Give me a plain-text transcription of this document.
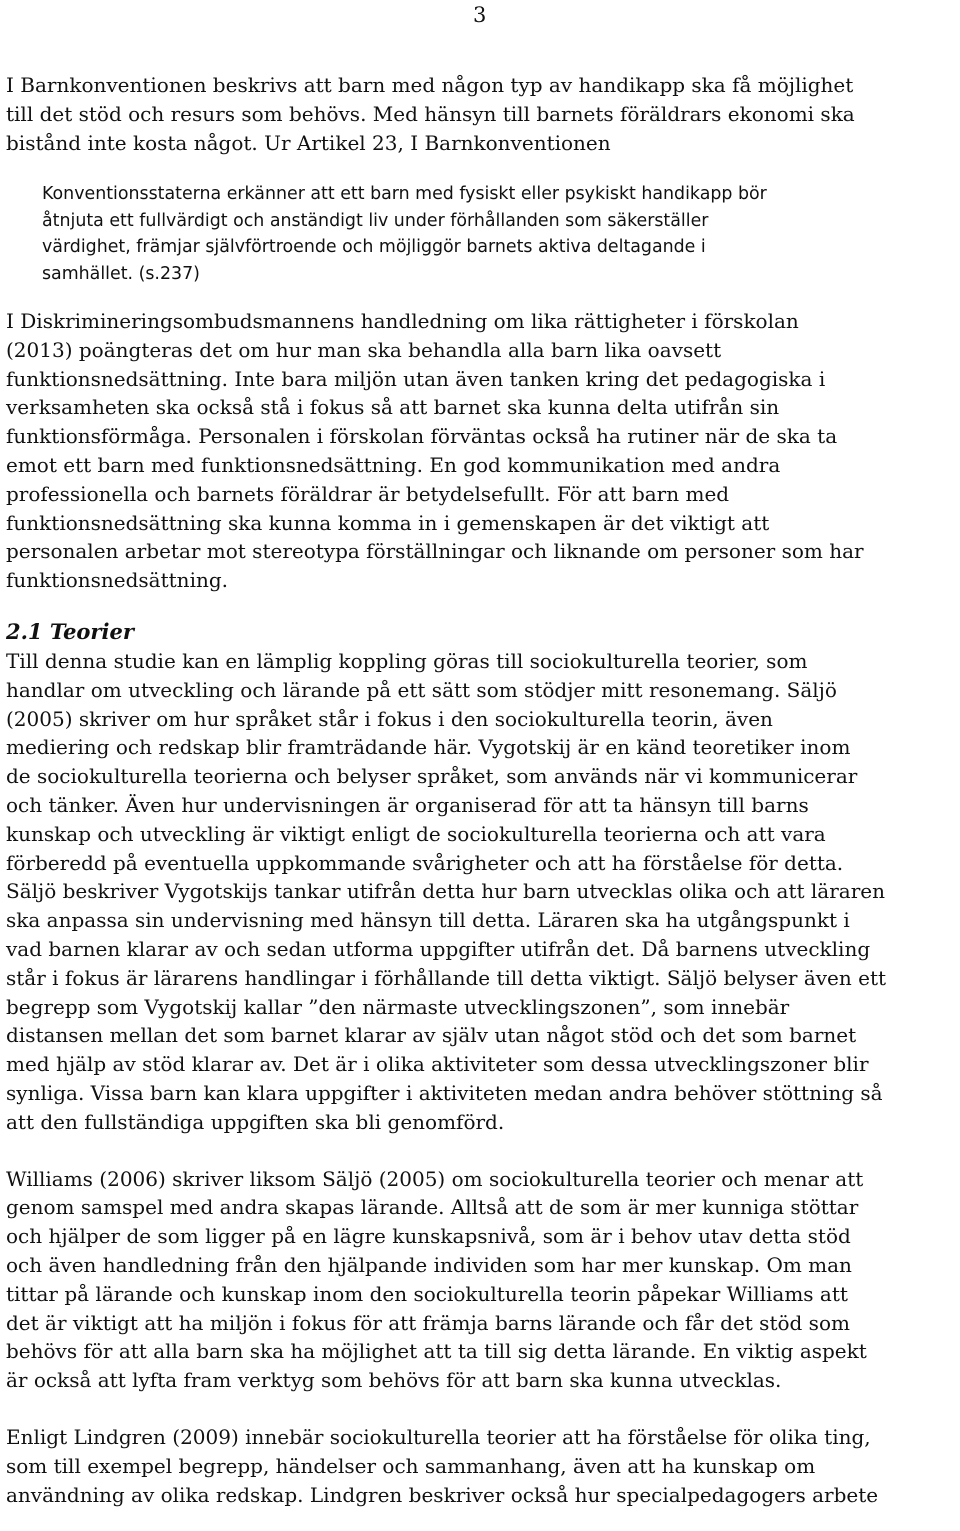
3

I Barnkonventionen beskrivs att barn med någon typ av handikapp ska få möjlighet
till det stöd och resurs som behövs. Med hänsyn till barnets föräldrars ekonomi ska
bistånd inte kosta något. Ur Artikel 23, I Barnkonventionen

Konventionsstaterna erkänner att ett barn med fysiskt eller psykiskt handikapp bör
åtnjuta ett fullvärdigt och anständigt liv under förhållanden som säkerställer
värdighet, främjar självförtroende och möjliggör barnets aktiva deltagande i
samhället. (s.237)

I Diskrimineringsombudsmannens handledning om lika rättigheter i förskolan
(2013) poängteras det om hur man ska behandla alla barn lika oavsett
funktionsnedsättning. Inte bara miljön utan även tanken kring det pedagogiska i
verksamheten ska också stå i fokus så att barnet ska kunna delta utifrån sin
funktionsförmåga. Personalen i förskolan förväntas också ha rutiner när de ska ta
emot ett barn med funktionsnedsättning. En god kommunikation med andra
professionella och barnets föräldrar är betydelsefullt. För att barn med
funktionsnedsättning ska kunna komma in i gemenskapen är det viktigt att
personalen arbetar mot stereotypa förställningar och liknande om personer som har
funktionsnedsättning.

2.1 Teorier

Till denna studie kan en lämplig koppling göras till sociokulturella teorier, som
handlar om utveckling och lärande på ett sätt som stödjer mitt resonemang. Säljö
(2005) skriver om hur språket står i fokus i den sociokulturella teorin, även
mediering och redskap blir framträdande här. Vygotskij är en känd teoretiker inom
de sociokulturella teorierna och belyser språket, som används när vi kommunicerar
och tänker. Även hur undervisningen är organiserad för att ta hänsyn till barns
kunskap och utveckling är viktigt enligt de sociokulturella teorierna och att vara
förberedd på eventuella uppkommande svårigheter och att ha förståelse för detta.
Säljö beskriver Vygotskijs tankar utifrån detta hur barn utvecklas olika och att läraren
ska anpassa sin undervisning med hänsyn till detta. Läraren ska ha utgångspunkt i
vad barnen klarar av och sedan utforma uppgifter utifrån det. Då barnens utveckling
står i fokus är lärarens handlingar i förhållande till detta viktigt. Säljö belyser även ett
begrepp som Vygotskij kallar ”den närmaste utvecklingszonen”, som innebär
distansen mellan det som barnet klarar av själv utan något stöd och det som barnet
med hjälp av stöd klarar av. Det är i olika aktiviteter som dessa utvecklingszoner blir
synliga. Vissa barn kan klara uppgifter i aktiviteten medan andra behöver stöttning så
att den fullständiga uppgiften ska bli genomförd.

Williams (2006) skriver liksom Säljö (2005) om sociokulturella teorier och menar att
genom samspel med andra skapas lärande. Alltså att de som är mer kunniga stöttar
och hjälper de som ligger på en lägre kunskapsnivå, som är i behov utav detta stöd
och även handledning från den hjälpande individen som har mer kunskap. Om man
tittar på lärande och kunskap inom den sociokulturella teorin påpekar Williams att
det är viktigt att ha miljön i fokus för att främja barns lärande och får det stöd som
behövs för att alla barn ska ha möjlighet att ta till sig detta lärande. En viktig aspekt
är också att lyfta fram verktyg som behövs för att barn ska kunna utvecklas.

Enligt Lindgren (2009) innebär sociokulturella teorier att ha förståelse för olika ting,
som till exempel begrepp, händelser och sammanhang, även att ha kunskap om
användning av olika redskap. Lindgren beskriver också hur specialpedagogers arbete
